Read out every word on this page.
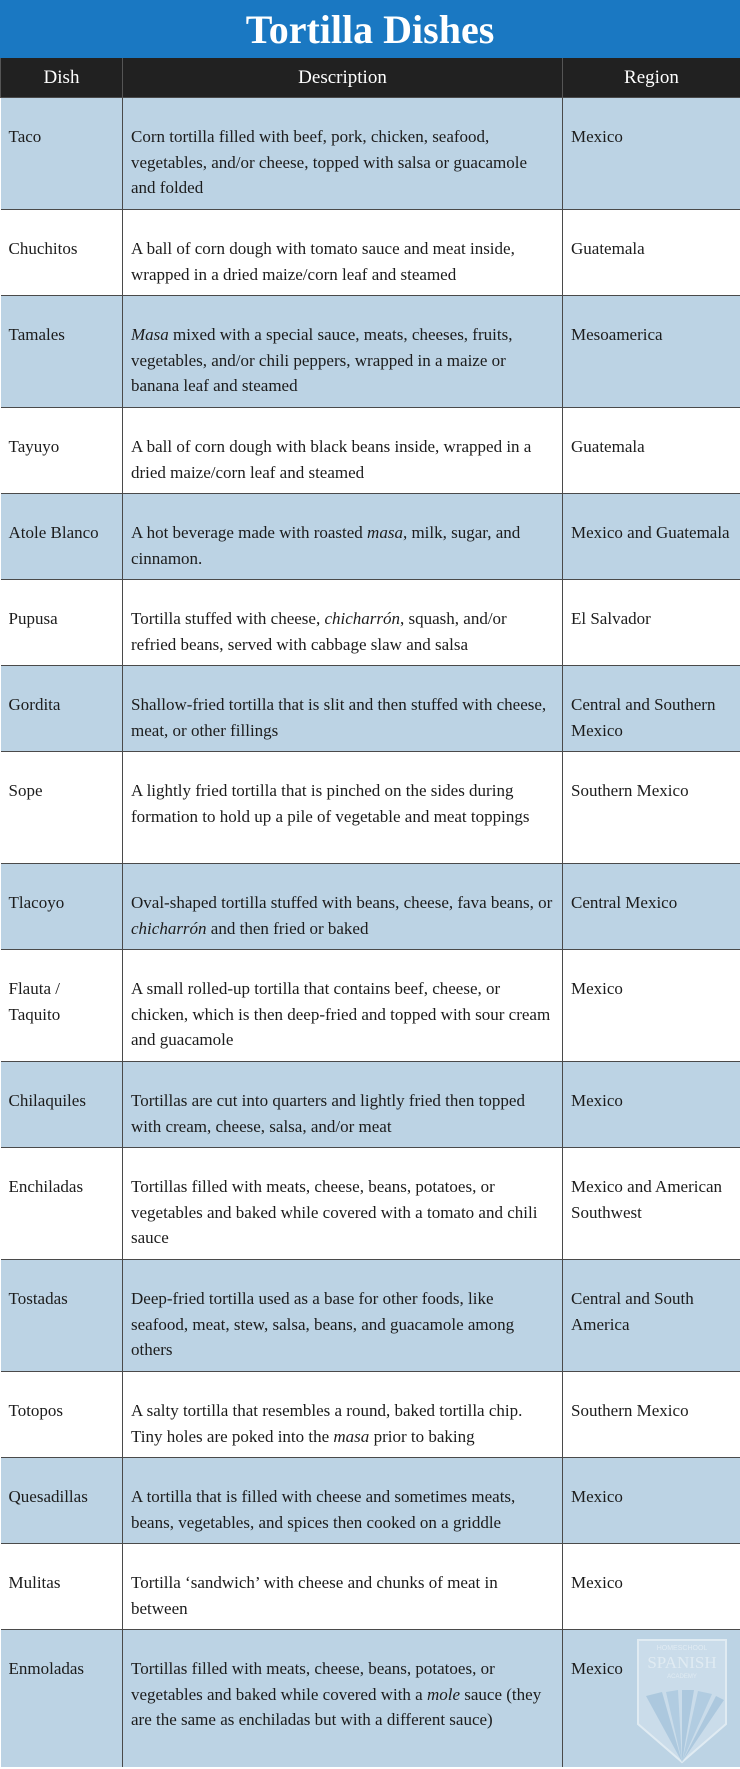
Tortilla Dishes
Dish	Description	Region
Taco	Corn tortilla filled with beef, pork, chicken, seafood, vegetables, and/or cheese, topped with salsa or guacamole and folded	Mexico
Chuchitos	A ball of corn dough with tomato sauce and meat inside, wrapped in a dried maize/corn leaf and steamed	Guatemala
Tamales	Masa mixed with a special sauce, meats, cheeses, fruits, vegetables, and/or chili peppers, wrapped in a maize or banana leaf and steamed	Mesoamerica
Tayuyo	A ball of corn dough with black beans inside, wrapped in a dried maize/corn leaf and steamed	Guatemala
Atole Blanco	A hot beverage made with roasted masa, milk, sugar, and cinnamon.	Mexico and Guatemala
Pupusa	Tortilla stuffed with cheese, chicharrón, squash, and/or refried beans, served with cabbage slaw and salsa	El Salvador
Gordita	Shallow-fried tortilla that is slit and then stuffed with cheese, meat, or other fillings	Central and Southern Mexico
Sope	A lightly fried tortilla that is pinched on the sides during formation to hold up a pile of vegetable and meat toppings	Southern Mexico
Tlacoyo	Oval-shaped tortilla stuffed with beans, cheese, fava beans, or chicharrón and then fried or baked	Central Mexico
Flauta / Taquito	A small rolled-up tortilla that contains beef, cheese, or chicken, which is then deep-fried and topped with sour cream and guacamole	Mexico
Chilaquiles	Tortillas are cut into quarters and lightly fried then topped with cream, cheese, salsa, and/or meat	Mexico
Enchiladas	Tortillas filled with meats, cheese, beans, potatoes, or vegetables and baked while covered with a tomato and chili sauce	Mexico and American Southwest
Tostadas	Deep-fried tortilla used as a base for other foods, like seafood, meat, stew, salsa, beans, and guacamole among others	Central and South America
Totopos	A salty tortilla that resembles a round, baked tortilla chip. Tiny holes are poked into the masa prior to baking	Southern Mexico
Quesadillas	A tortilla that is filled with cheese and sometimes meats, beans, vegetables, and spices then cooked on a griddle	Mexico
Mulitas	Tortilla ‘sandwich’ with cheese and chunks of meat in between	Mexico
Enmoladas	Tortillas filled with meats, cheese, beans, potatoes, or vegetables and baked while covered with a mole sauce (they are the same as enchiladas but with a different sauce)	Mexico
HOMESCHOOL
SPANISH
ACADEMY
